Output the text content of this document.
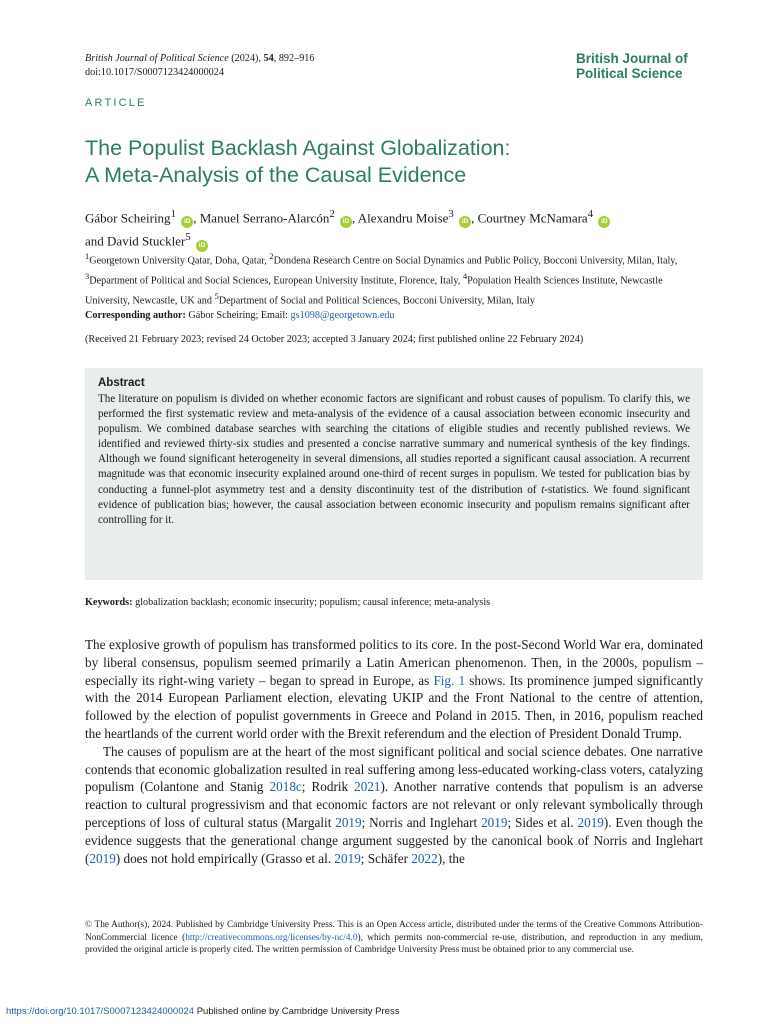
British Journal of Political Science (2024), 54, 892–916
doi:10.1017/S0007123424000024
British Journal of
Political Science
ARTICLE
The Populist Backlash Against Globalization:
A Meta-Analysis of the Causal Evidence
Gábor Scheiring$^1$ iD , Manuel Serrano-Alarcón$^2$ iD , Alexandru Moise$^3$ iD , Courtney McNamara$^4$ iD
and David Stuckler$^5$ iD
$^1$Georgetown University Qatar, Doha, Qatar, $^2$Dondena Research Centre on Social Dynamics and Public Policy, Bocconi University, Milan, Italy, $^3$Department of Political and Social Sciences, European University Institute, Florence, Italy, $^4$Population Health Sciences Institute, Newcastle University, Newcastle, UK and $^5$Department of Social and Political Sciences, Bocconi University, Milan, Italy
Corresponding author: Gábor Scheiring; Email: gs1098@georgetown.edu
(Received 21 February 2023; revised 24 October 2023; accepted 3 January 2024; first published online 22 February 2024)
Abstract
The literature on populism is divided on whether economic factors are significant and robust causes of populism. To clarify this, we performed the first systematic review and meta-analysis of the evidence of a causal association between economic insecurity and populism. We combined database searches with searching the citations of eligible studies and recently published reviews. We identified and reviewed thirty-six studies and presented a concise narrative summary and numerical synthesis of the key findings. Although we found significant heterogeneity in several dimensions, all studies reported a significant causal association. A recurrent magnitude was that economic insecurity explained around one-third of recent surges in populism. We tested for publication bias by conducting a funnel-plot asymmetry test and a density discontinuity test of the distribution of t-statistics. We found significant evidence of publication bias; however, the causal association between economic insecurity and populism remains significant after controlling for it.
Keywords: globalization backlash; economic insecurity; populism; causal inference; meta-analysis

The explosive growth of populism has transformed politics to its core. In the post-Second World War era, dominated by liberal consensus, populism seemed primarily a Latin American phenomenon. Then, in the 2000s, populism – especially its right-wing variety – began to spread in Europe, as Fig. 1 shows. Its prominence jumped significantly with the 2014 European Parliament election, elevating UKIP and the Front National to the centre of attention, followed by the election of populist governments in Greece and Poland in 2015. Then, in 2016, populism reached the heartlands of the current world order with the Brexit referendum and the election of President Donald Trump.

The causes of populism are at the heart of the most significant political and social science debates. One narrative contends that economic globalization resulted in real suffering among less-educated working-class voters, catalyzing populism (Colantone and Stanig 2018c; Rodrik 2021). Another narrative contends that populism is an adverse reaction to cultural progressivism and that economic factors are not relevant or only relevant symbolically through perceptions of loss of cultural status (Margalit 2019; Norris and Inglehart 2019; Sides et al. 2019). Even though the evidence suggests that the generational change argument suggested by the canonical book of Norris and Inglehart (2019) does not hold empirically (Grasso et al. 2019; Schäfer 2022), the

© The Author(s), 2024. Published by Cambridge University Press. This is an Open Access article, distributed under the terms of the Creative Commons Attribution-NonCommercial licence (http://creativecommons.org/licenses/by-nc/4.0), which permits non-commercial re-use, distribution, and reproduction in any medium, provided the original article is properly cited. The written permission of Cambridge University Press must be obtained prior to any commercial use.
https://doi.org/10.1017/S0007123424000024 Published online by Cambridge University Press
